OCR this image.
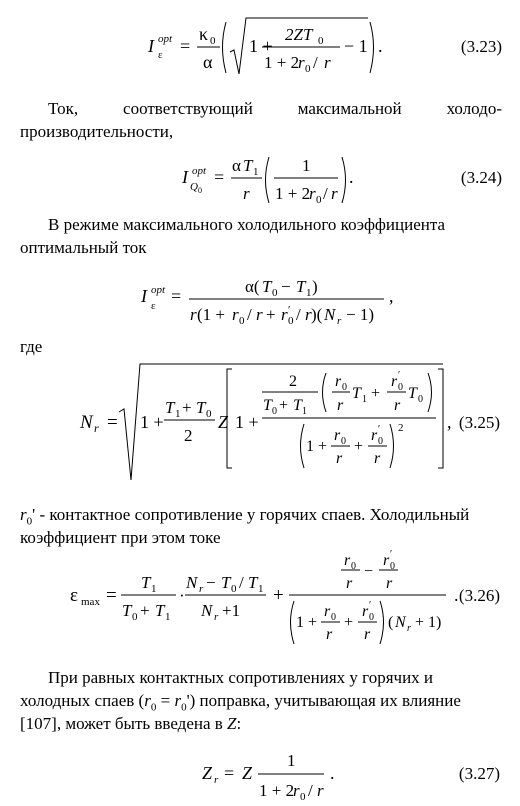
I opt
ε =
κ 0
α
1 +
2ZT 0
1 + 2
r 0 / r
− 1 .	(3.23)
Ток,	соответствующий	максимальной	холодо-

производительности,

I opt
Q 0
=
α T 1
r
1
1 + 2
r 0 / r
.	(3.24)

В режиме максимального холодильного коэффициента

оптимальный ток

I opt
ε =	α( T 0 − T 1 )
r (1 + r 0 / r + r ′
0 / r )( N r − 1)
,

где

N r = 1 +
T 1 + T 0
2
Z 1 +
2
T 0 + T 1
r 0
r
T 1 +
r ′
0
r
T 0
1 +
r 0
r
+
r ′
0
r
2 , (3.25)

$r_0'$ - контактное сопротивление у горячих спаев. Холодильный

коэффициент при этом токе

ε max =
T 1
T 0 + T 1
·
N r − T 0 / T 1
N r +1
+
r 0
r
−
r ′
0
r
1 +
r 0
r
+
r ′
0
r
( N r + 1)
. (3.26)

При равных контактных сопротивлениях у горячих и

холодных спаев $(r_0 = r_0')$ поправка, учитывающая их влияние

[107], может быть введена в Z:

Z r = Z
1
1 + 2
r 0 / r
.	(3.27)
